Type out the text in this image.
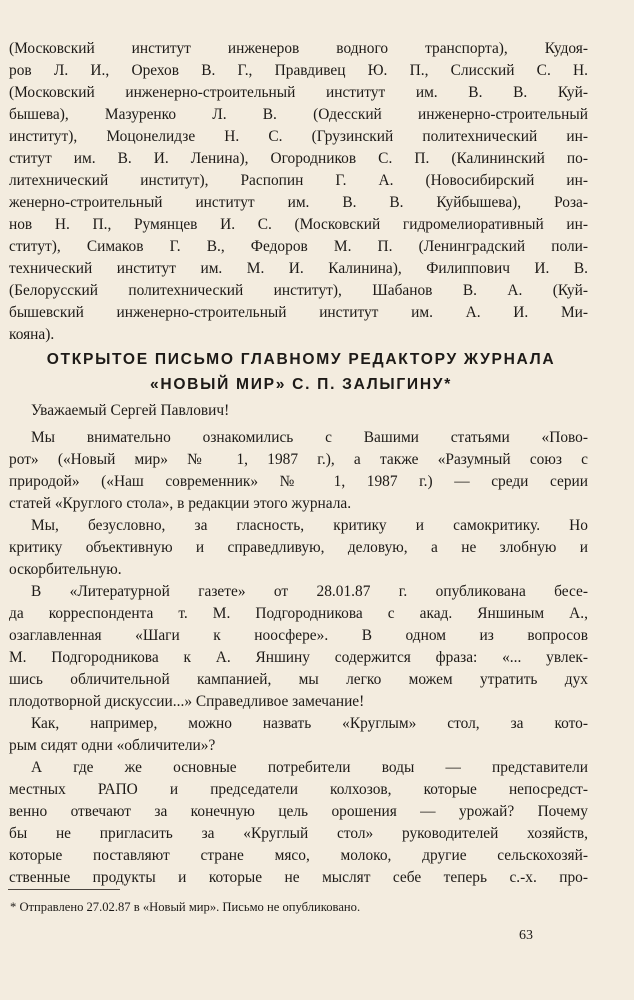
(Московский институт инженеров водного транспорта), Кудоя-
ров Л. И., Орехов В. Г., Правдивец Ю. П., Слисский С. Н.
(Московский инженерно-строительный институт им. В. В. Куй-
бышева), Мазуренко Л. В. (Одесский инженерно-строительный
институт), Моцонелидзе Н. С. (Грузинский политехнический ин-
ститут им. В. И. Ленина), Огородников С. П. (Калининский по-
литехнический институт), Распопин Г. А. (Новосибирский ин-
женерно-строительный институт им. В. В. Куйбышева), Роза-
нов Н. П., Румянцев И. С. (Московский гидромелиоративный ин-
ститут), Симаков Г. В., Федоров М. П. (Ленинградский поли-
технический институт им. М. И. Калинина), Филиппович И. В.
(Белорусский политехнический институт), Шабанов В. А. (Куй-
бышевский инженерно-строительный институт им. А. И. Ми-
кояна).
ОТКРЫТОЕ ПИСЬМО ГЛАВНОМУ РЕДАКТОРУ ЖУРНАЛА
«НОВЫЙ МИР» С. П. ЗАЛЫГИНУ*
Уважаемый Сергей Павлович!
Мы внимательно ознакомились с Вашими статьями «Пово-
рот» («Новый мир» № 1, 1987 г.), а также «Разумный союз с
природой» («Наш современник» № 1, 1987 г.) — среди серии
статей «Круглого стола», в редакции этого журнала.
Мы, безусловно, за гласность, критику и самокритику. Но
критику объективную и справедливую, деловую, а не злобную и
оскорбительную.
В «Литературной газете» от 28.01.87 г. опубликована бесе-
да корреспондента т. М. Подгородникова с акад. Яншиным А.,
озаглавленная «Шаги к ноосфере». В одном из вопросов
М. Подгородникова к А. Яншину содержится фраза: «... увлек-
шись обличительной кампанией, мы легко можем утратить дух
плодотворной дискуссии...» Справедливое замечание!
Как, например, можно назвать «Круглым» стол, за кото-
рым сидят одни «обличители»?
А где же основные потребители воды — представители
местных РАПО и председатели колхозов, которые непосредст-
венно отвечают за конечную цель орошения — урожай? Почему
бы не пригласить за «Круглый стол» руководителей хозяйств,
которые поставляют стране мясо, молоко, другие сельскохозяй-
ственные продукты и которые не мыслят себе теперь с.-х. про-
* Отправлено 27.02.87 в «Новый мир». Письмо не опубликовано.
63
